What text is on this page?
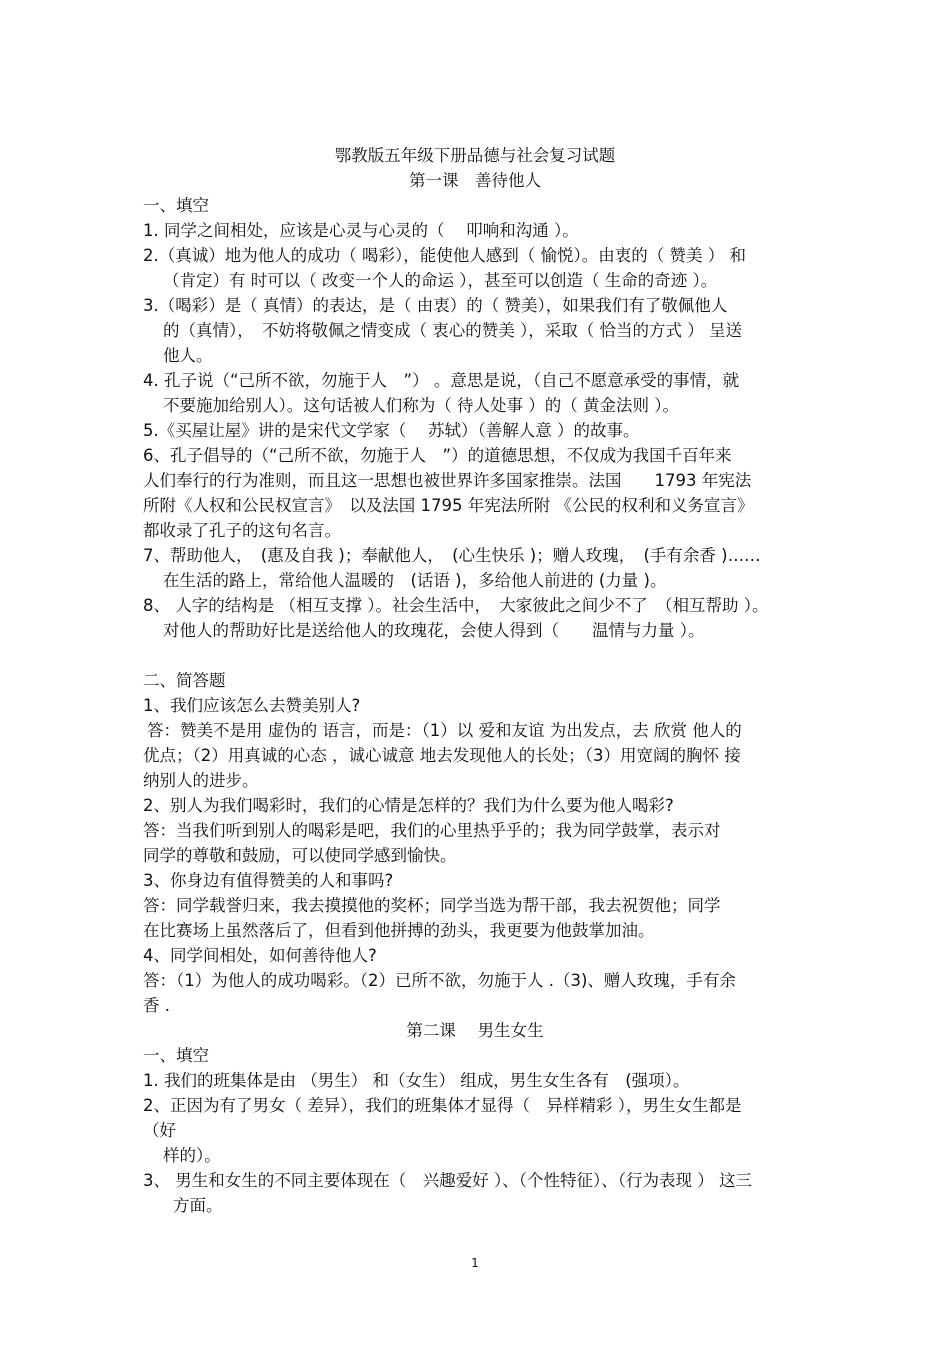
鄂教版五年级下册品德与社会复习试题
第一课　善待他人
一、填空
1. 同学之间相处，应该是心灵与心灵的（　 叩响和沟通 ）。
2.（真诚）地为他人的成功（ 喝彩），能使他人感到（ 愉悦）。由衷的（ 赞美 ） 和
（肯定）有 时可以（ 改变一个人的命运 ），甚至可以创造（ 生命的奇迹 ）。
3.（喝彩）是（ 真情）的表达，是（ 由衷）的（ 赞美），如果我们有了敬佩他人
的（真情），　不妨将敬佩之情变成（ 衷心的赞美 ），采取（ 恰当的方式 ） 呈送
他人。
4. 孔子说（“己所不欲，勿施于人　”） 。意思是说，（自己不愿意承受的事情，就
不要施加给别人）。这句话被人们称为（ 待人处事 ）的（ 黄金法则 ）。
5.《买屋让屋》讲的是宋代文学家（　 苏轼）（善解人意 ）的故事。
6、孔子倡导的（“己所不欲，勿施于人　”）的道德思想，不仅成为我国千百年来
人们奉行的行为准则，而且这一思想也被世界许多国家推崇。法国　　1793 年宪法
所附《人权和公民权宣言》　以及法国 1795 年宪法所附 《公民的权利和义务宣言》
都收录了孔子的这句名言。
7、帮助他人，　(惠及自我 )；奉献他人，　(心生快乐 )；赠人玫瑰，　(手有余香 )……
在生活的路上，常给他人温暖的　(话语 )，多给他人前进的 (力量 )。
8、 人字的结构是 （相互支撑 ）。社会生活中，　大家彼此之间少不了　（相互帮助 ）。
对他人的帮助好比是送给他人的玫瑰花，会使人得到（　　温情与力量 ）。
二、简答题
1、我们应该怎么去赞美别人?
答：赞美不是用 虚伪的 语言，而是：（1）以 爱和友谊 为出发点，去 欣赏 他人的
优点；（2）用真诚的心态 ，诚心诚意 地去发现他人的长处；（3）用宽阔的胸怀 接
纳别人的进步。
2、别人为我们喝彩时，我们的心情是怎样的？我们为什么要为他人喝彩?
答：当我们听到别人的喝彩是吧，我们的心里热乎乎的；我为同学鼓掌，表示对
同学的尊敬和鼓励，可以使同学感到愉快。
3、你身边有值得赞美的人和事吗?
答：同学载誉归来，我去摸摸他的奖杯；同学当选为帮干部，我去祝贺他；同学
在比赛场上虽然落后了，但看到他拼搏的劲头，我更要为他鼓掌加油。
4、同学间相处，如何善待他人?
答：（1）为他人的成功喝彩。（2）已所不欲，勿施于人 .（3)、赠人玫瑰，手有余
香 .
第二课　 男生女生
一、填空
1. 我们的班集体是由 （男生） 和（女生） 组成，男生女生各有　(强项）。
2、正因为有了男女（ 差异），我们的班集体才显得（　异样精彩 ），男生女生都是
（好
样的）。
3、 男生和女生的不同主要体现在（　兴趣爱好 ）、（个性特征）、（行为表现 ） 这三
方面。
1
